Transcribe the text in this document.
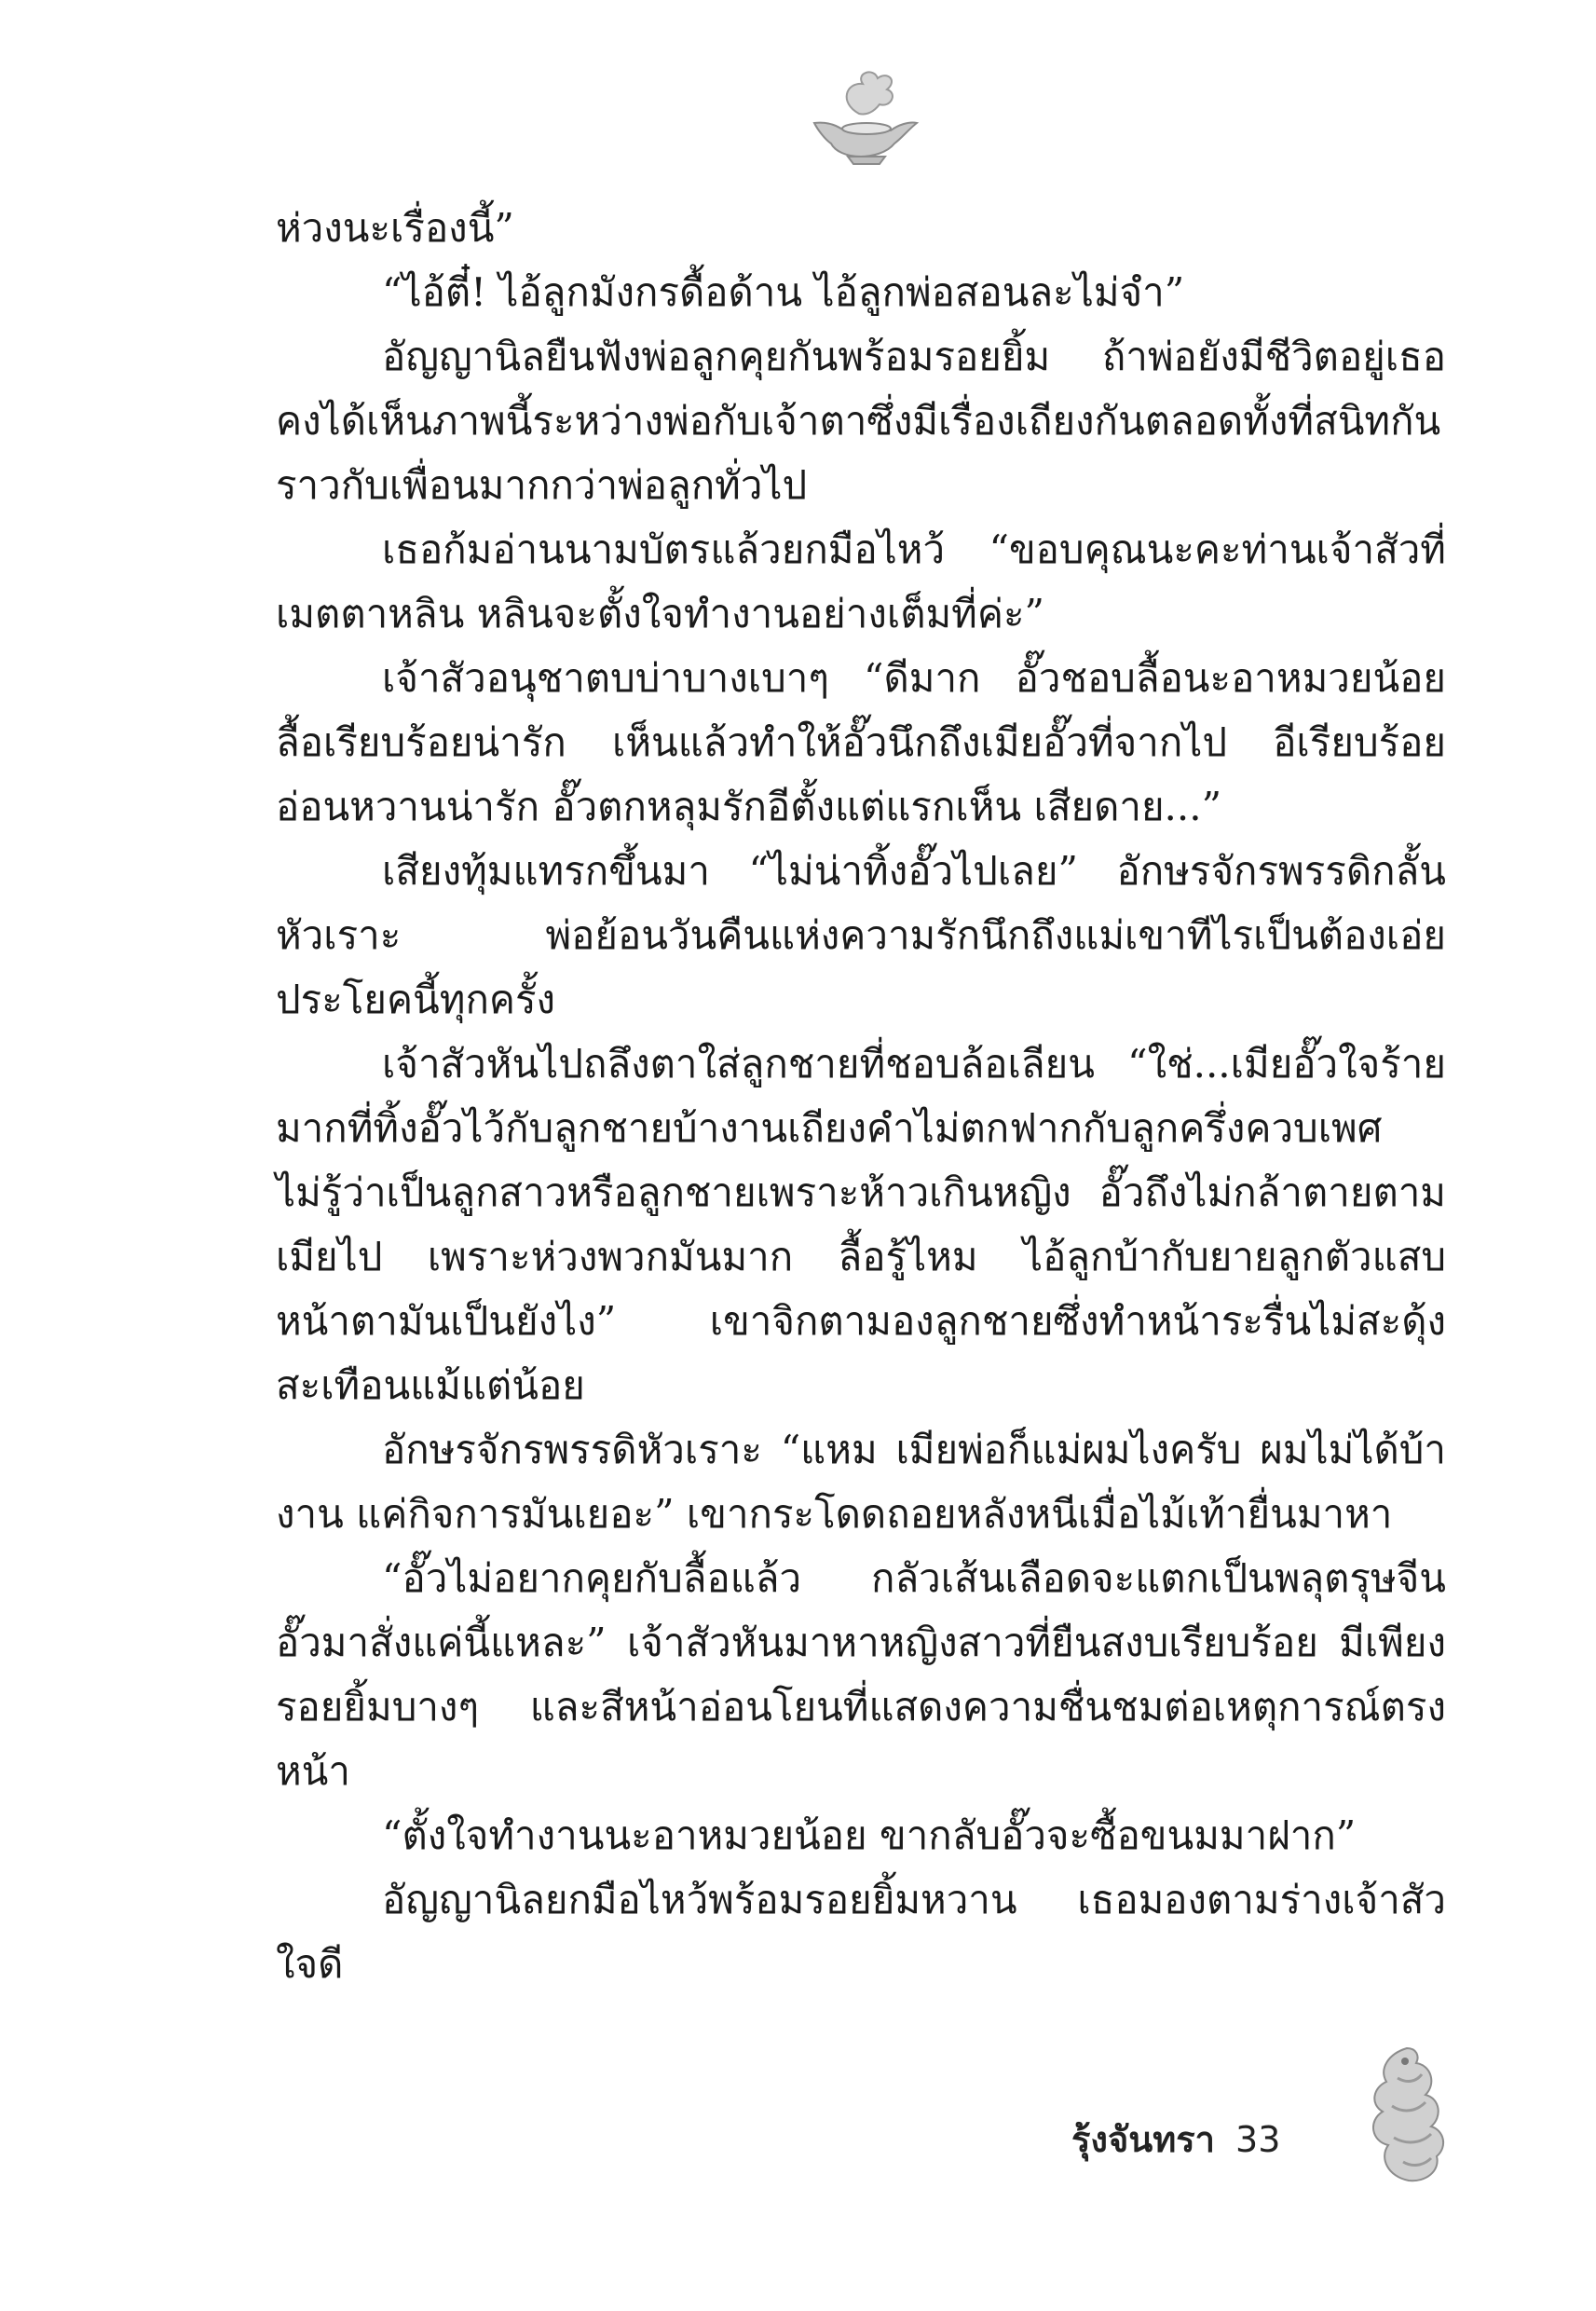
ห่วงนะเรื่องนี้”

“ไอ้ตี๋! ไอ้ลูกมังกรดื้อด้าน ไอ้ลูกพ่อสอนละไม่จำ”

อัญญานิลยืนฟังพ่อลูกคุยกันพร้อมรอยยิ้ม ถ้าพ่อยังมีชีวิตอยู่เธอคงได้เห็นภาพนี้ระหว่างพ่อกับเจ้าตาซึ่งมีเรื่องเถียงกันตลอดทั้งที่สนิทกันราวกับเพื่อนมากกว่าพ่อลูกทั่วไป

เธอก้มอ่านนามบัตรแล้วยกมือไหว้ “ขอบคุณนะคะท่านเจ้าสัวที่เมตตาหลิน หลินจะตั้งใจทำงานอย่างเต็มที่ค่ะ”

เจ้าสัวอนุชาตบบ่าบางเบาๆ “ดีมาก อั๊วชอบลื้อนะอาหมวยน้อย ลื้อเรียบร้อยน่ารัก เห็นแล้วทำให้อั๊วนึกถึงเมียอั๊วที่จากไป อีเรียบร้อยอ่อนหวานน่ารัก อั๊วตกหลุมรักอีตั้งแต่แรกเห็น เสียดาย...”

เสียงทุ้มแทรกขึ้นมา “ไม่น่าทิ้งอั๊วไปเลย” อักษรจักรพรรดิกลั้นหัวเราะ พ่อย้อนวันคืนแห่งความรักนึกถึงแม่เขาทีไรเป็นต้องเอ่ยประโยคนี้ทุกครั้ง

เจ้าสัวหันไปถลึงตาใส่ลูกชายที่ชอบล้อเลียน “ใช่...เมียอั๊วใจร้ายมากที่ทิ้งอั๊วไว้กับลูกชายบ้างานเถียงคำไม่ตกฟากกับลูกครึ่งควบเพศไม่รู้ว่าเป็นลูกสาวหรือลูกชายเพราะห้าวเกินหญิง อั๊วถึงไม่กล้าตายตามเมียไป เพราะห่วงพวกมันมาก ลื้อรู้ไหม ไอ้ลูกบ้ากับยายลูกตัวแสบหน้าตามันเป็นยังไง” เขาจิกตามองลูกชายซึ่งทำหน้าระรื่นไม่สะดุ้งสะเทือนแม้แต่น้อย

อักษรจักรพรรดิหัวเราะ “แหม เมียพ่อก็แม่ผมไงครับ ผมไม่ได้บ้างาน แค่กิจการมันเยอะ” เขากระโดดถอยหลังหนีเมื่อไม้เท้ายื่นมาหา

“อั๊วไม่อยากคุยกับลื้อแล้ว กลัวเส้นเลือดจะแตกเป็นพลุตรุษจีน อั๊วมาสั่งแค่นี้แหละ” เจ้าสัวหันมาหาหญิงสาวที่ยืนสงบเรียบร้อย มีเพียงรอยยิ้มบางๆ และสีหน้าอ่อนโยนที่แสดงความชื่นชมต่อเหตุการณ์ตรงหน้า

“ตั้งใจทำงานนะอาหมวยน้อย ขากลับอั๊วจะซื้อขนมมาฝาก”

อัญญานิลยกมือไหว้พร้อมรอยยิ้มหวาน เธอมองตามร่างเจ้าสัวใจดี

รุ้งจันทรา 33
